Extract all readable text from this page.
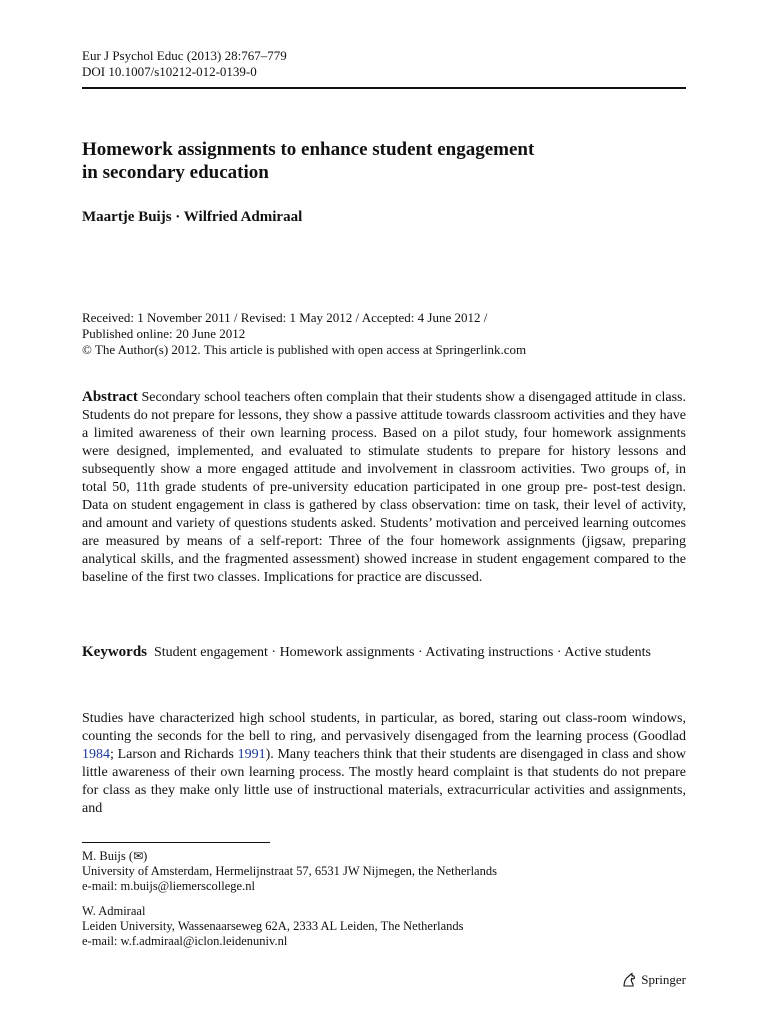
Eur J Psychol Educ (2013) 28:767–779
DOI 10.1007/s10212-012-0139-0
Homework assignments to enhance student engagement
in secondary education
Maartje Buijs · Wilfried Admiraal
Received: 1 November 2011 / Revised: 1 May 2012 / Accepted: 4 June 2012 /
Published online: 20 June 2012
© The Author(s) 2012. This article is published with open access at Springerlink.com
Abstract Secondary school teachers often complain that their students show a disengaged attitude in class. Students do not prepare for lessons, they show a passive attitude towards classroom activities and they have a limited awareness of their own learning process. Based on a pilot study, four homework assignments were designed, implemented, and evaluated to stimulate students to prepare for history lessons and subsequently show a more engaged attitude and involvement in classroom activities. Two groups of, in total 50, 11th grade students of pre-university education participated in one group pre- post-test design. Data on student engagement in class is gathered by class observation: time on task, their level of activity, and amount and variety of questions students asked. Students’ motivation and perceived learning outcomes are measured by means of a self-report: Three of the four homework assignments (jigsaw, preparing analytical skills, and the fragmented assessment) showed increase in student engagement compared to the baseline of the first two classes. Implications for practice are discussed.
Keywords Student engagement · Homework assignments · Activating instructions · Active students
Studies have characterized high school students, in particular, as bored, staring out class-room windows, counting the seconds for the bell to ring, and pervasively disengaged from the learning process (Goodlad 1984; Larson and Richards 1991). Many teachers think that their students are disengaged in class and show little awareness of their own learning process. The mostly heard complaint is that students do not prepare for class as they make only little use of instructional materials, extracurricular activities and assignments, and
M. Buijs (✉)
University of Amsterdam, Hermelijnstraat 57, 6531 JW Nijmegen, the Netherlands
e-mail: m.buijs@liemerscollege.nl
W. Admiraal
Leiden University, Wassenaarseweg 62A, 2333 AL Leiden, The Netherlands
e-mail: w.f.admiraal@iclon.leidenuniv.nl
Springer
